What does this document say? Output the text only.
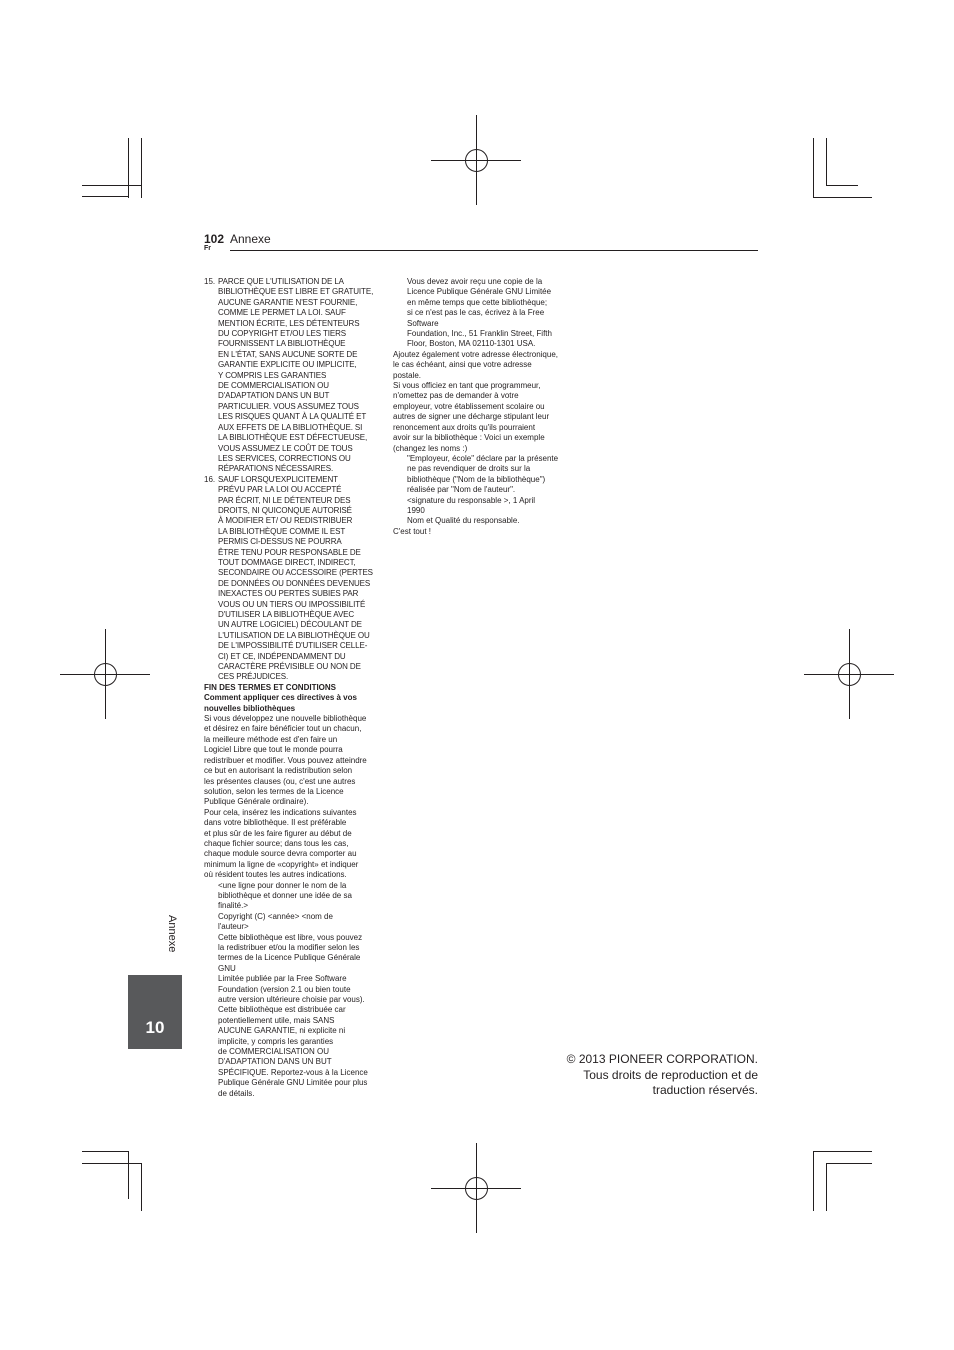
102 Annexe
Fr
15. PARCE QUE L'UTILISATION DE LA
BIBLIOTHÈQUE EST LIBRE ET GRATUITE,
AUCUNE GARANTIE N'EST FOURNIE,
COMME LE PERMET LA LOI. SAUF
MENTION ÉCRITE, LES DÉTENTEURS
DU COPYRIGHT ET/OU LES TIERS
FOURNISSENT LA BIBLIOTHÈQUE
EN L'ÉTAT, SANS AUCUNE SORTE DE
GARANTIE EXPLICITE OU IMPLICITE,
Y COMPRIS LES GARANTIES
DE COMMERCIALISATION OU
D'ADAPTATION DANS UN BUT
PARTICULIER. VOUS ASSUMEZ TOUS
LES RISQUES QUANT À LA QUALITÉ ET
AUX EFFETS DE LA BIBLIOTHÈQUE. SI
LA BIBLIOTHÈQUE EST DÉFECTUEUSE,
VOUS ASSUMEZ LE COÛT DE TOUS
LES SERVICES, CORRECTIONS OU
RÉPARATIONS NÉCESSAIRES.
16. SAUF LORSQU'EXPLICITEMENT
PRÉVU PAR LA LOI OU ACCEPTÉ
PAR ÉCRIT, NI LE DÉTENTEUR DES
DROITS, NI QUICONQUE AUTORISÉ
À MODIFIER ET/ OU REDISTRIBUER
LA BIBLIOTHÈQUE COMME IL EST
PERMIS CI-DESSUS NE POURRA
ÊTRE TENU POUR RESPONSABLE DE
TOUT DOMMAGE DIRECT, INDIRECT,
SECONDAIRE OU ACCESSOIRE (PERTES
DE DONNÉES OU DONNÉES DEVENUES
INEXACTES OU PERTES SUBIES PAR
VOUS OU UN TIERS OU IMPOSSIBILITÉ
D'UTILISER LA BIBLIOTHÈQUE AVEC
UN AUTRE LOGICIEL) DÉCOULANT DE
L'UTILISATION DE LA BIBLIOTHÈQUE OU
DE L'IMPOSSIBILITÉ D'UTILISER CELLE-
CI) ET CE, INDÉPENDAMMENT DU
CARACTÈRE PRÉVISIBLE OU NON DE
CES PRÉJUDICES.

FIN DES TERMES ET CONDITIONS

Comment appliquer ces directives à vos
nouvelles bibliothèques

Si vous développez une nouvelle bibliothèque
et désirez en faire bénéficier tout un chacun,
la meilleure méthode est d'en faire un
Logiciel Libre que tout le monde pourra
redistribuer et modifier. Vous pouvez atteindre
ce but en autorisant la redistribution selon
les présentes clauses (ou, c'est une autres
solution, selon les termes de la Licence
Publique Générale ordinaire).

Pour cela, insérez les indications suivantes
dans votre bibliothèque. Il est préférable
et plus sûr de les faire figurer au début de
chaque fichier source; dans tous les cas,
chaque module source devra comporter au
minimum la ligne de «copyright» et indiquer
où résident toutes les autres indications.

<une ligne pour donner le nom de la
bibliothèque et donner une idée de sa
finalité.>

Copyright (C) <année> <nom de
l'auteur>

Cette bibliothèque est libre, vous pouvez
la redistribuer et/ou la modifier selon les
termes de la Licence Publique Générale
GNU

Limitée publiée par la Free Software
Foundation (version 2.1 ou bien toute
autre version ultérieure choisie par vous).
Cette bibliothèque est distribuée car
potentiellement utile, mais SANS
AUCUNE GARANTIE, ni explicite ni
implicite, y compris les garanties
de COMMERCIALISATION OU
D'ADAPTATION DANS UN BUT
SPÉCIFIQUE. Reportez-vous à la Licence
Publique Générale GNU Limitée pour plus
de détails.

Vous devez avoir reçu une copie de la
Licence Publique Générale GNU Limitée
en même temps que cette bibliothèque;
si ce n'est pas le cas, écrivez à la Free
Software

Foundation, Inc., 51 Franklin Street, Fifth
Floor, Boston, MA 02110-1301 USA.

Ajoutez également votre adresse électronique,
le cas échéant, ainsi que votre adresse
postale.

Si vous officiez en tant que programmeur,
n'omettez pas de demander à votre
employeur, votre établissement scolaire ou
autres de signer une décharge stipulant leur
renoncement aux droits qu'ils pourraient
avoir sur la bibliothèque : Voici un exemple
(changez les noms :)

"Employeur, école" déclare par la présente
ne pas revendiquer de droits sur la
bibliothèque ("Nom de la bibliothèque")
réalisée par "Nom de l'auteur".

<signature du responsable >, 1 April
1990

Nom et Qualité du responsable.

C'est tout !

Annexe
10
© 2013 PIONEER CORPORATION.
Tous droits de reproduction et de
traduction réservés.
